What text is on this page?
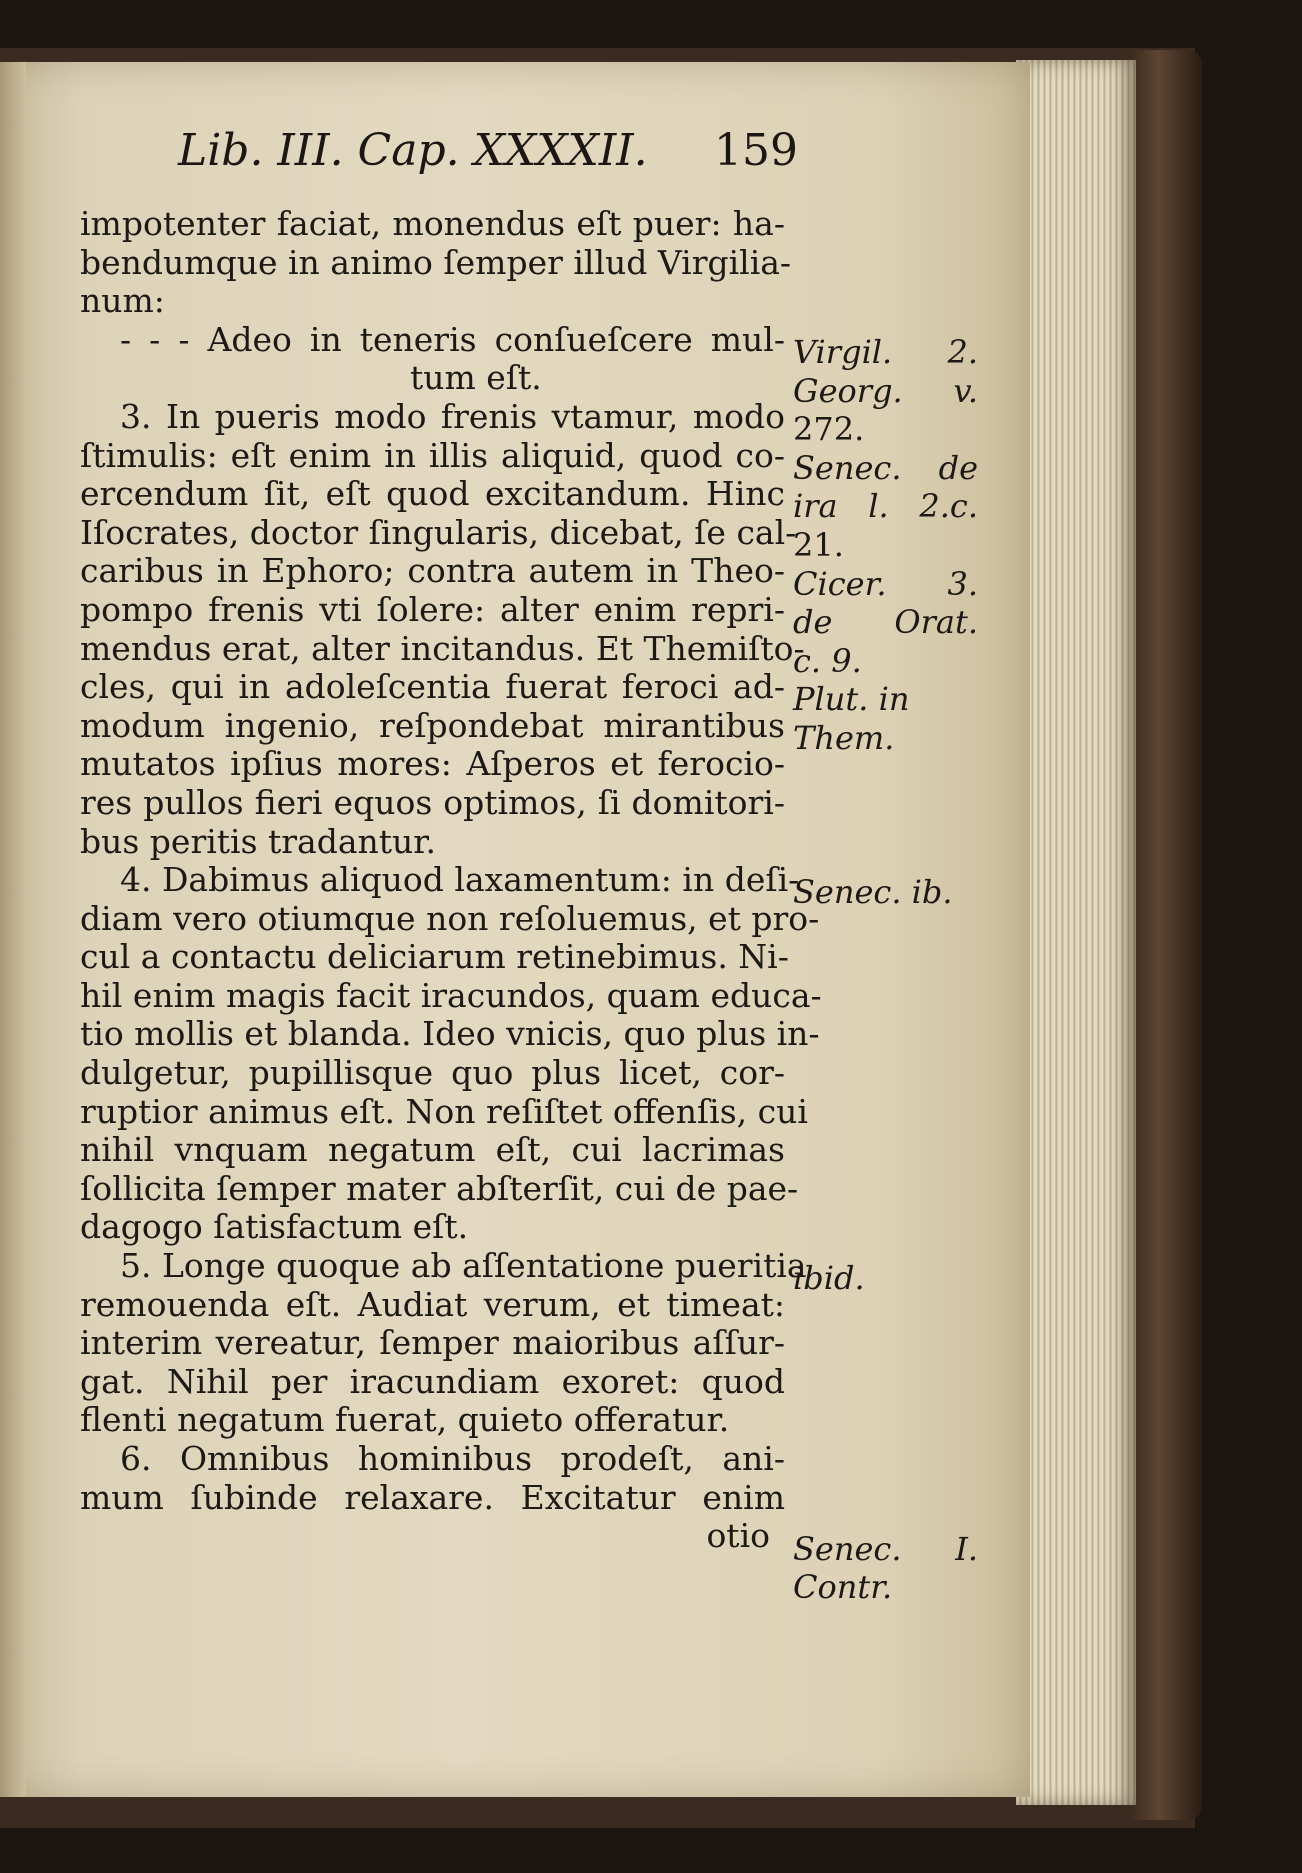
Lib. III. Cap. XXXXII. 159
impotenter faciat, monendus eſt puer: ha-
bendumque in animo ſemper illud Virgilia-
num:
- - - Adeo in teneris conſueſcere mul-
tum eſt.
3. In pueris modo frenis vtamur, modo
ſtimulis: eſt enim in illis aliquid, quod co-
ercendum ſit, eſt quod excitandum. Hinc
Iſocrates, doctor ſingularis, dicebat, ſe cal-
caribus in Ephoro; contra autem in Theo-
pompo frenis vti ſolere: alter enim repri-
mendus erat, alter incitandus. Et Themiſto-
cles, qui in adoleſcentia fuerat feroci ad-
modum ingenio, reſpondebat mirantibus
mutatos ipſius mores: Aſperos et ferocio-
res pullos fieri equos optimos, ſi domitori-
bus peritis tradantur.
4. Dabimus aliquod laxamentum: in deſi-
diam vero otiumque non reſoluemus, et pro-
cul a contactu deliciarum retinebimus. Ni-
hil enim magis facit iracundos, quam educa-
tio mollis et blanda. Ideo vnicis, quo plus in-
dulgetur, pupillisque quo plus licet, cor-
ruptior animus eſt. Non reſiſtet offenſis, cui
nihil vnquam negatum eſt, cui lacrimas
ſollicita ſemper mater abſterſit, cui de pae-
dagogo ſatisfactum eſt.
5. Longe quoque ab aſſentatione pueritia
remouenda eſt. Audiat verum, et timeat:
interim vereatur, ſemper maioribus aſſur-
gat. Nihil per iracundiam exoret: quod
flenti negatum fuerat, quieto offeratur.
6. Omnibus hominibus prodeſt, ani-
mum ſubinde relaxare. Excitatur enim
otio
Virgil. 2.
Georg. v.
272.
Senec. de
ira l. 2.c.
21.
Cicer. 3.
de Orat.
c. 9.
Plut. in
Them.
Senec. ib.
ibid.
Senec. I.
Contr.
